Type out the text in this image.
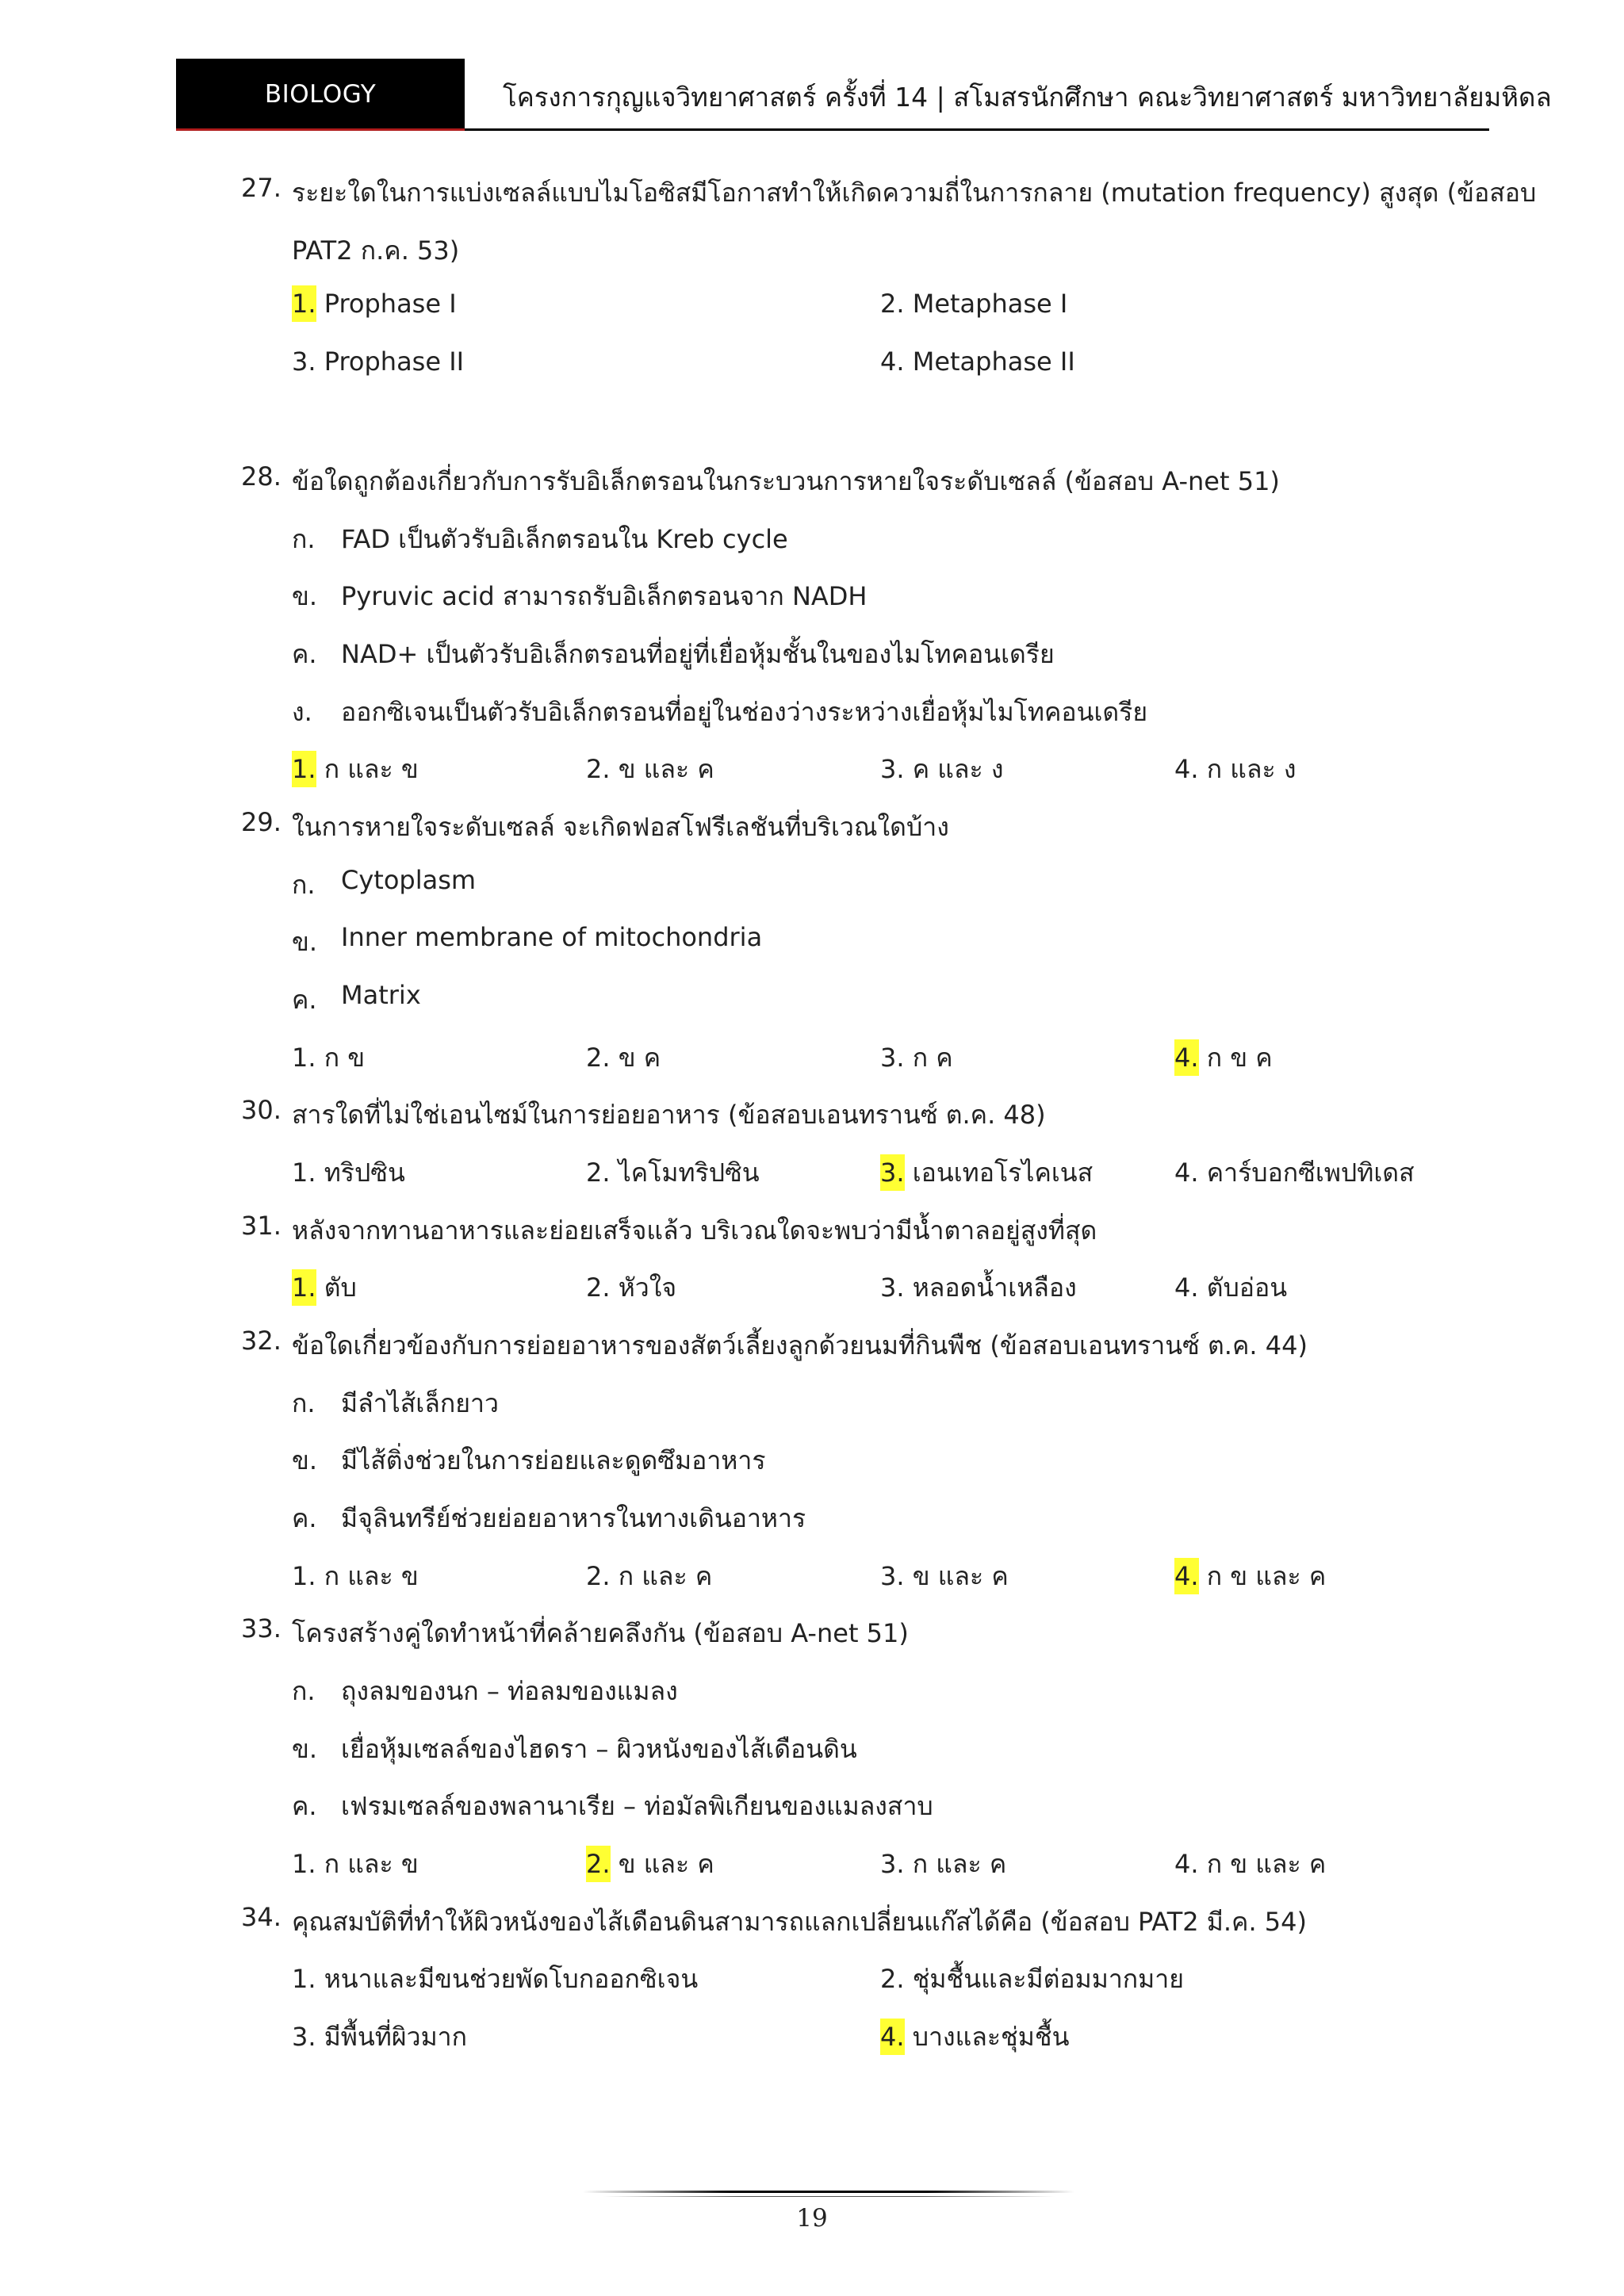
BIOLOGY	โครงการกุญแจวิทยาศาสตร์ ครั้งที่ 14 | สโมสรนักศึกษา คณะวิทยาศาสตร์ มหาวิทยาลัยมหิดล
27. ระยะใดในการแบ่งเซลล์แบบไมโอซิสมีโอกาสทำให้เกิดความถี่ในการกลาย (mutation frequency) สูงสุด (ข้อสอบ
PAT2 ก.ค. 53)
1. Prophase I	2. Metaphase I
3. Prophase II	4. Metaphase II
28. ข้อใดถูกต้องเกี่ยวกับการรับอิเล็กตรอนในกระบวนการหายใจระดับเซลล์ (ข้อสอบ A-net 51)
ก. FAD เป็นตัวรับอิเล็กตรอนใน Kreb cycle
ข. Pyruvic acid สามารถรับอิเล็กตรอนจาก NADH
ค. NAD+ เป็นตัวรับอิเล็กตรอนที่อยู่ที่เยื่อหุ้มชั้นในของไมโทคอนเดรีย
ง. ออกซิเจนเป็นตัวรับอิเล็กตรอนที่อยู่ในช่องว่างระหว่างเยื่อหุ้มไมโทคอนเดรีย
1. ก และ ข	2. ข และ ค	3. ค และ ง	4. ก และ ง
29. ในการหายใจระดับเซลล์ จะเกิดฟอสโฟรีเลชันที่บริเวณใดบ้าง
ก. Cytoplasm
ข. Inner membrane of mitochondria
ค. Matrix
1. ก ข	2. ข ค	3. ก ค	4. ก ข ค
30. สารใดที่ไม่ใช่เอนไซม์ในการย่อยอาหาร (ข้อสอบเอนทรานซ์ ต.ค. 48)
1. ทริปซิน	2. ไคโมทริปซิน	3. เอนเทอโรไคเนส	4. คาร์บอกซีเพปทิเดส
31. หลังจากทานอาหารและย่อยเสร็จแล้ว บริเวณใดจะพบว่ามีน้ำตาลอยู่สูงที่สุด
1. ตับ	2. หัวใจ	3. หลอดน้ำเหลือง	4. ตับอ่อน
32. ข้อใดเกี่ยวข้องกับการย่อยอาหารของสัตว์เลี้ยงลูกด้วยนมที่กินพืช (ข้อสอบเอนทรานซ์ ต.ค. 44)
ก. มีลำไส้เล็กยาว
ข. มีไส้ติ่งช่วยในการย่อยและดูดซึมอาหาร
ค. มีจุลินทรีย์ช่วยย่อยอาหารในทางเดินอาหาร
1. ก และ ข	2. ก และ ค	3. ข และ ค	4. ก ข และ ค
33. โครงสร้างคู่ใดทำหน้าที่คล้ายคลึงกัน (ข้อสอบ A-net 51)
ก. ถุงลมของนก – ท่อลมของแมลง
ข. เยื่อหุ้มเซลล์ของไฮดรา – ผิวหนังของไส้เดือนดิน
ค. เฟรมเซลล์ของพลานาเรีย – ท่อมัลพิเกียนของแมลงสาบ
1. ก และ ข	2. ข และ ค	3. ก และ ค	4. ก ข และ ค
34. คุณสมบัติที่ทำให้ผิวหนังของไส้เดือนดินสามารถแลกเปลี่ยนแก๊สได้คือ (ข้อสอบ PAT2 มี.ค. 54)
1. หนาและมีขนช่วยพัดโบกออกซิเจน	2. ชุ่มชื้นและมีต่อมมากมาย
3. มีพื้นที่ผิวมาก	4. บางและชุ่มชื้น
19
